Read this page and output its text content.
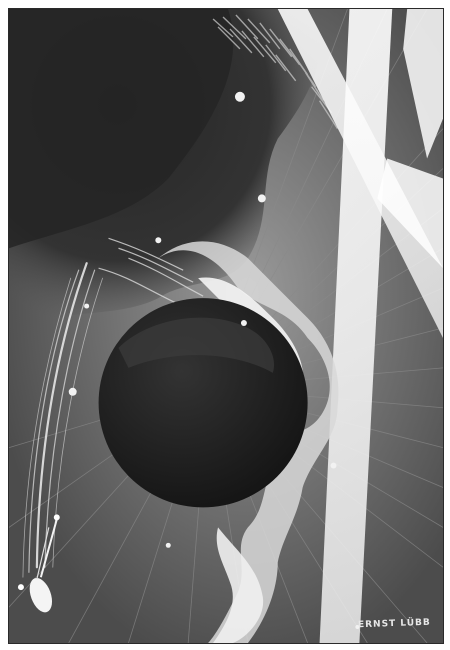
ERNST LÜBB
